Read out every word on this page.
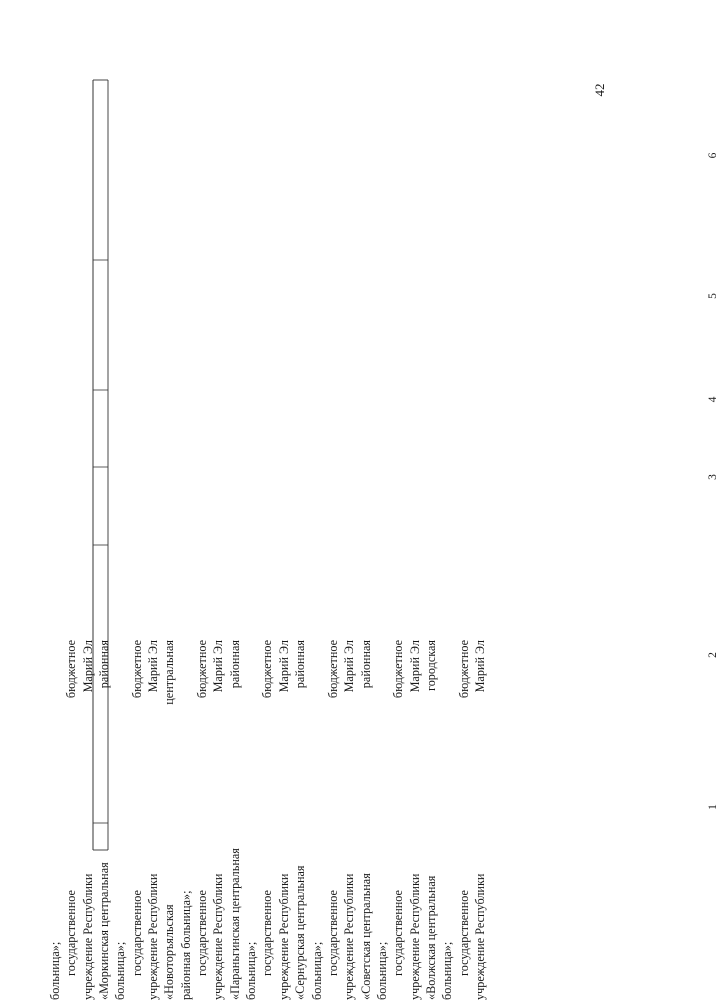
42
1
2
3
4
5
6
больница»; государственное учреждение Республики «Моркинская центральная больница»; государственное учреждение Республики «Новоторъяльская районная больница»; государственное учреждение Республики «Параньгинская центральная больница»; государственное учреждение Республики «Сернурская центральная больница»; государственное учреждение Республики «Советская центральная больница»; государственное учреждение Республики «Волжская центральная больница»; государственное учреждение Республики

бюджетное Марий Эл районная
бюджетное Марий Эл центральная
бюджетное Марий Эл районная
бюджетное Марий Эл районная
бюджетное Марий Эл районная
бюджетное Марий Эл городская
бюджетное Марий Эл
